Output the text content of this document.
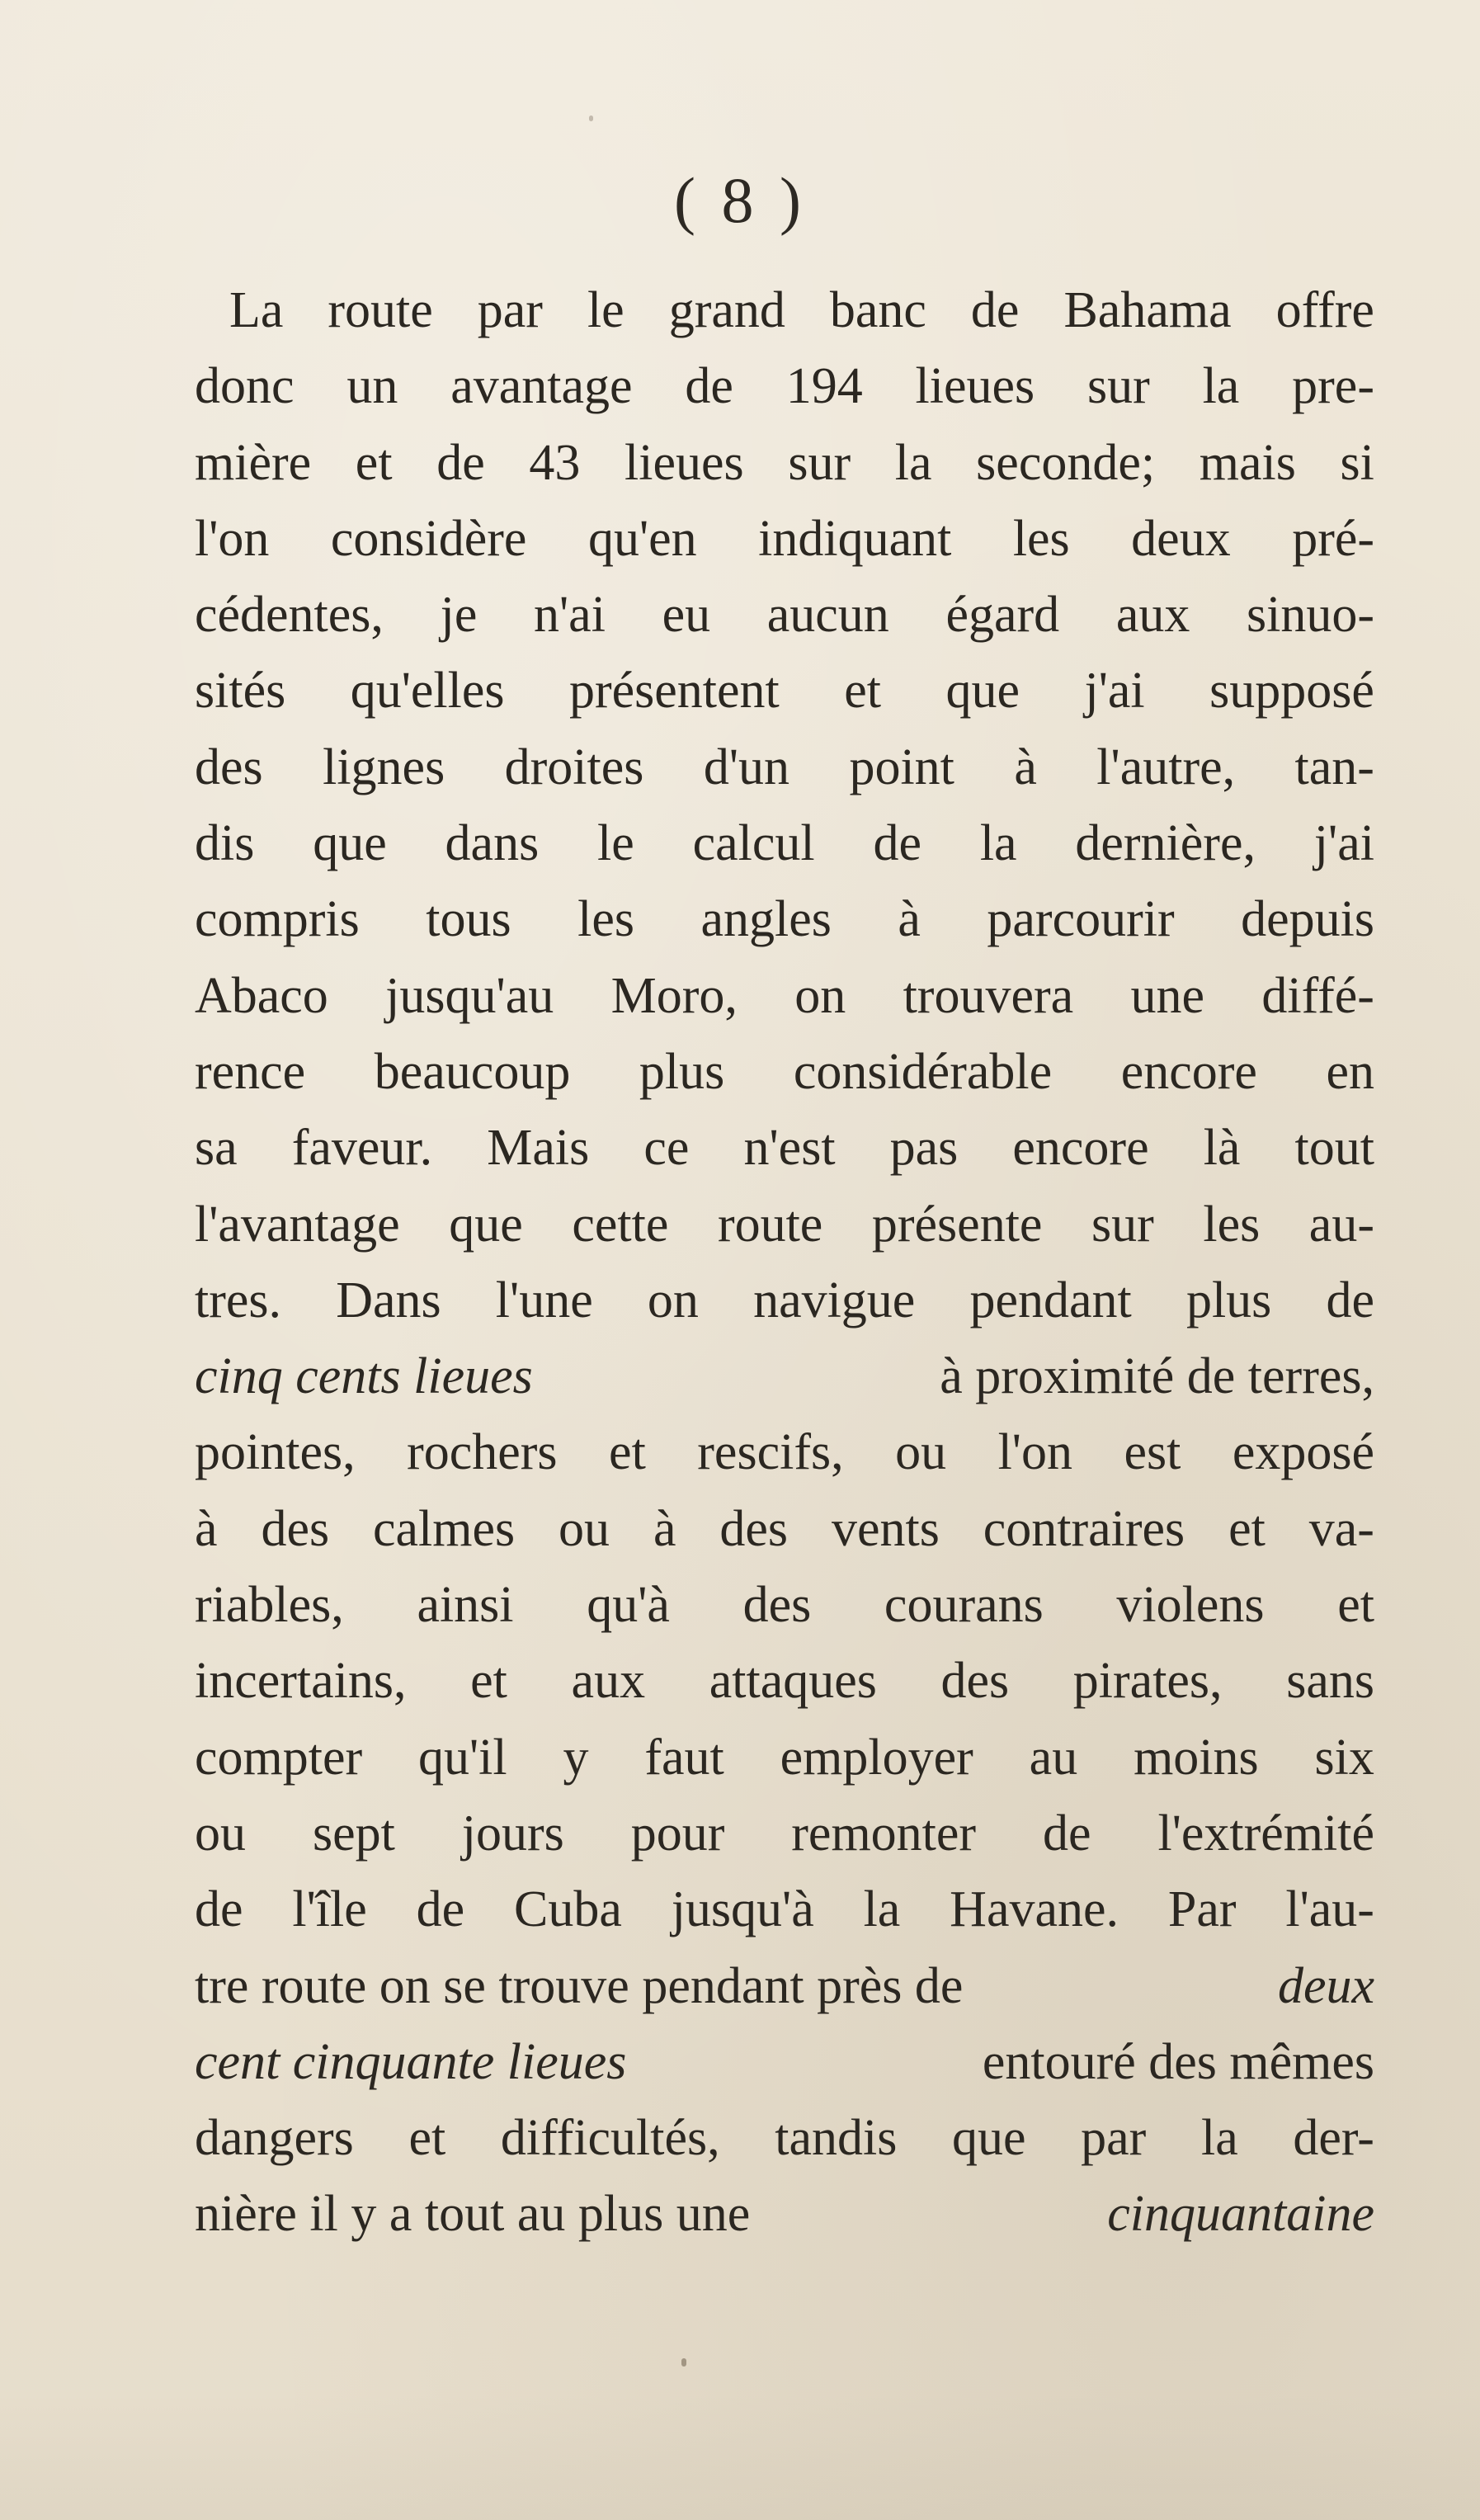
( 8 )
La route par le grand banc de Bahama offre
donc un avantage de 194 lieues sur la pre-
mière et de 43 lieues sur la seconde; mais si
l'on considère qu'en indiquant les deux pré-
cédentes, je n'ai eu aucun égard aux sinuo-
sités qu'elles présentent et que j'ai supposé
des lignes droites d'un point à l'autre, tan-
dis que dans le calcul de la dernière, j'ai
compris tous les angles à parcourir depuis
Abaco jusqu'au Moro, on trouvera une diffé-
rence beaucoup plus considérable encore en
sa faveur. Mais ce n'est pas encore là tout
l'avantage que cette route présente sur les au-
tres. Dans l'une on navigue pendant plus de
cinq cents lieues	à proximité de terres,
pointes, rochers et rescifs, ou l'on est exposé
à des calmes ou à des vents contraires et va-
riables, ainsi qu'à des courans violens et
incertains, et aux attaques des pirates, sans
compter qu'il y faut employer au moins six
ou sept jours pour remonter de l'extrémité
de l'île de Cuba jusqu'à la Havane. Par l'au-
tre route on se trouve pendant près de	deux
cent cinquante lieues	entouré des mêmes
dangers et difficultés, tandis que par la der-
nière il y a tout au plus une	cinquantaine
